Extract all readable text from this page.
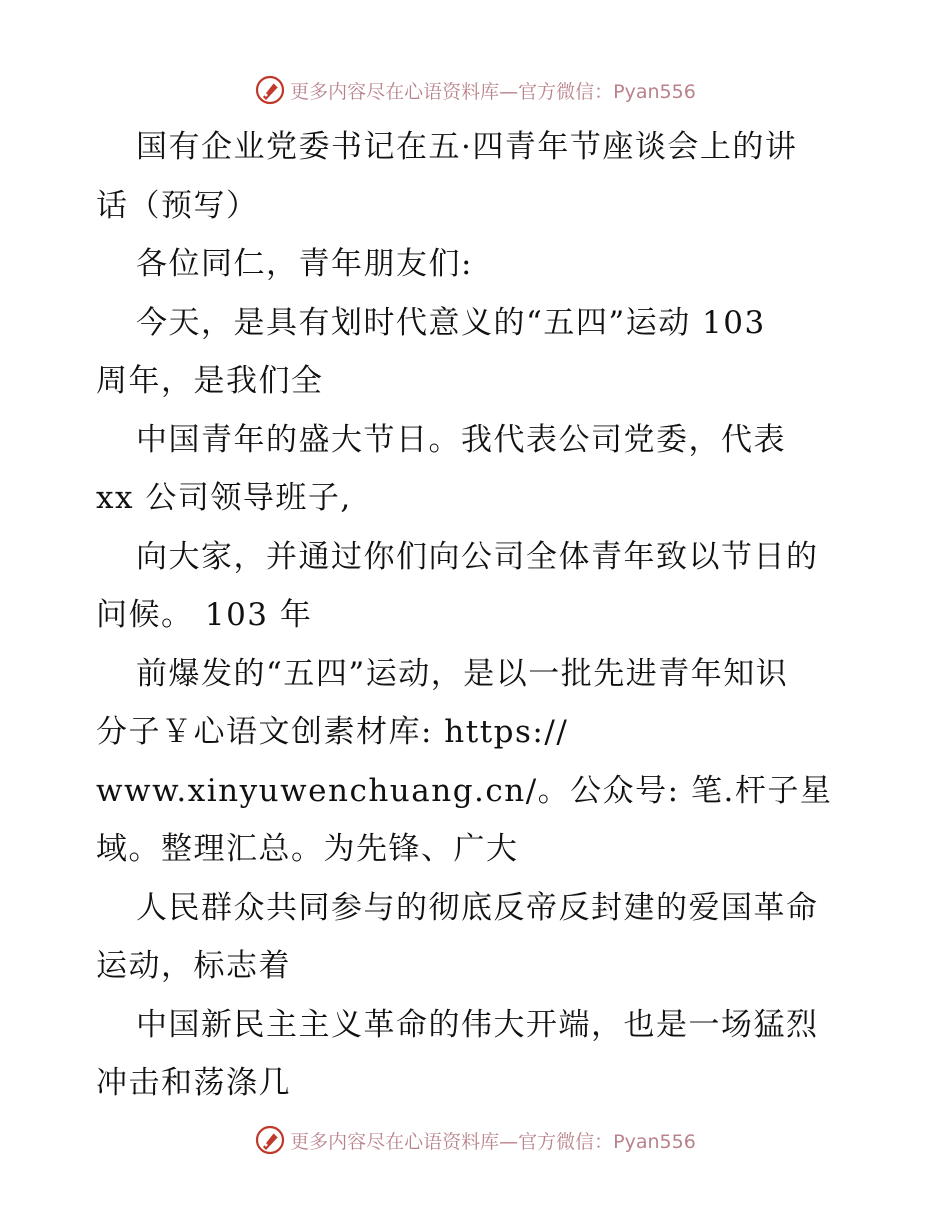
更多内容尽在心语资料库—官方微信：Pyan556
国有企业党委书记在五·四青年节座谈会上的讲
话（预写）
各位同仁，青年朋友们:
今天，是具有划时代意义的“五四”运动 103
周年，是我们全
中国青年的盛大节日。我代表公司党委，代表
xx 公司领导班子,
向大家，并通过你们向公司全体青年致以节日的
问候。 103 年
前爆发的“五四”运动，是以一批先进青年知识
分子￥心语文创素材库: https://
www.xinyuwenchuang.cn/。公众号: 笔.杆子星
域。整理汇总。为先锋、广大
人民群众共同参与的彻底反帝反封建的爱国革命
运动，标志着
中国新民主主义革命的伟大开端，也是一场猛烈
冲击和荡涤几
更多内容尽在心语资料库—官方微信：Pyan556
